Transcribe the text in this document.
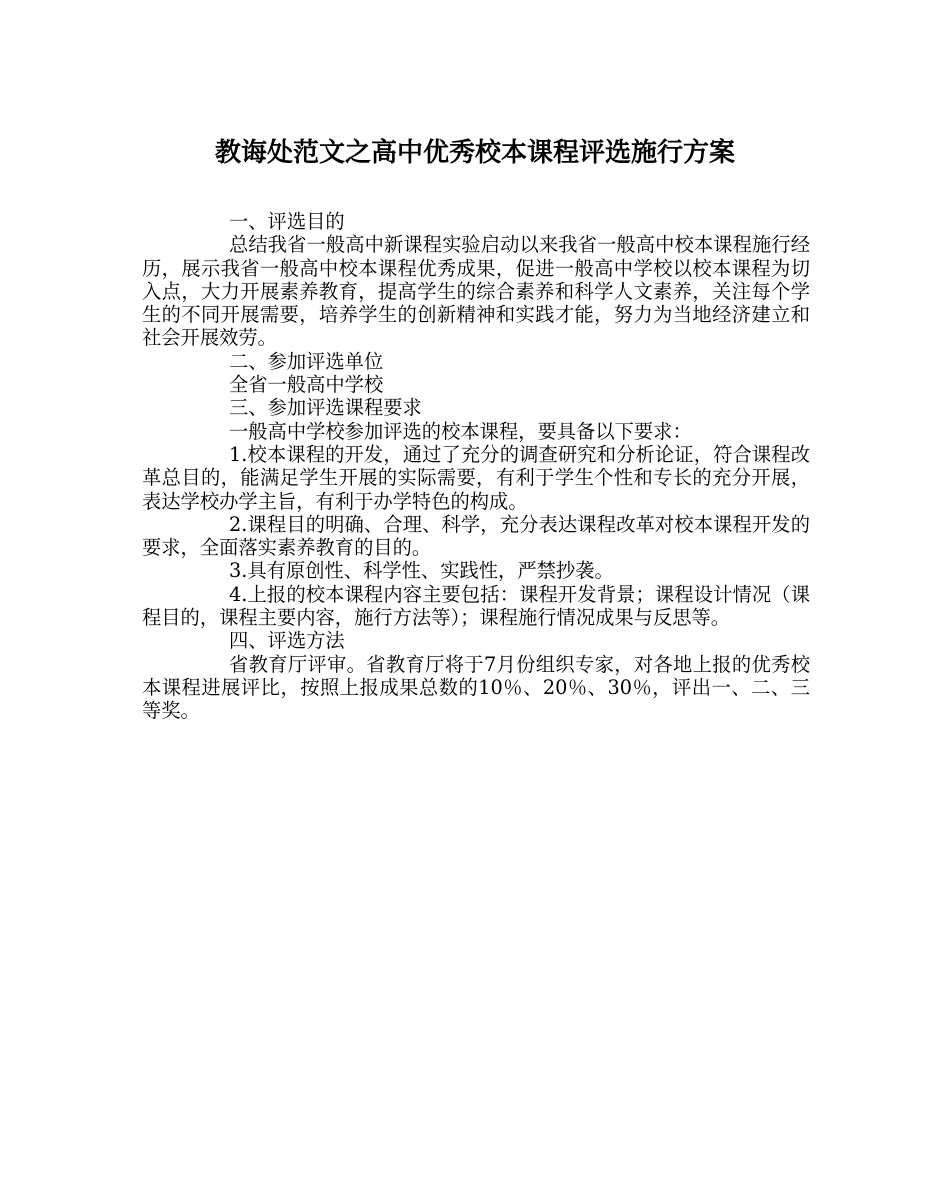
教诲处范文之高中优秀校本课程评选施行方案

一、评选目的

总结我省一般高中新课程实验启动以来我省一般高中校本课程施行经历，展示我省一般高中校本课程优秀成果，促进一般高中学校以校本课程为切入点，大力开展素养教育，提高学生的综合素养和科学人文素养，关注每个学生的不同开展需要，培养学生的创新精神和实践才能，努力为当地经济建立和社会开展效劳。

二、参加评选单位

全省一般高中学校

三、参加评选课程要求

一般高中学校参加评选的校本课程，要具备以下要求：

1.校本课程的开发，通过了充分的调查研究和分析论证，符合课程改革总目的，能满足学生开展的实际需要，有利于学生个性和专长的充分开展，表达学校办学主旨，有利于办学特色的构成。

2.课程目的明确、合理、科学，充分表达课程改革对校本课程开发的要求，全面落实素养教育的目的。

3.具有原创性、科学性、实践性，严禁抄袭。

4.上报的校本课程内容主要包括：课程开发背景；课程设计情况（课程目的，课程主要内容，施行方法等）；课程施行情况成果与反思等。

四、评选方法

省教育厅评审。省教育厅将于7月份组织专家，对各地上报的优秀校本课程进展评比，按照上报成果总数的10％、20％、30％，评出一、二、三等奖。
